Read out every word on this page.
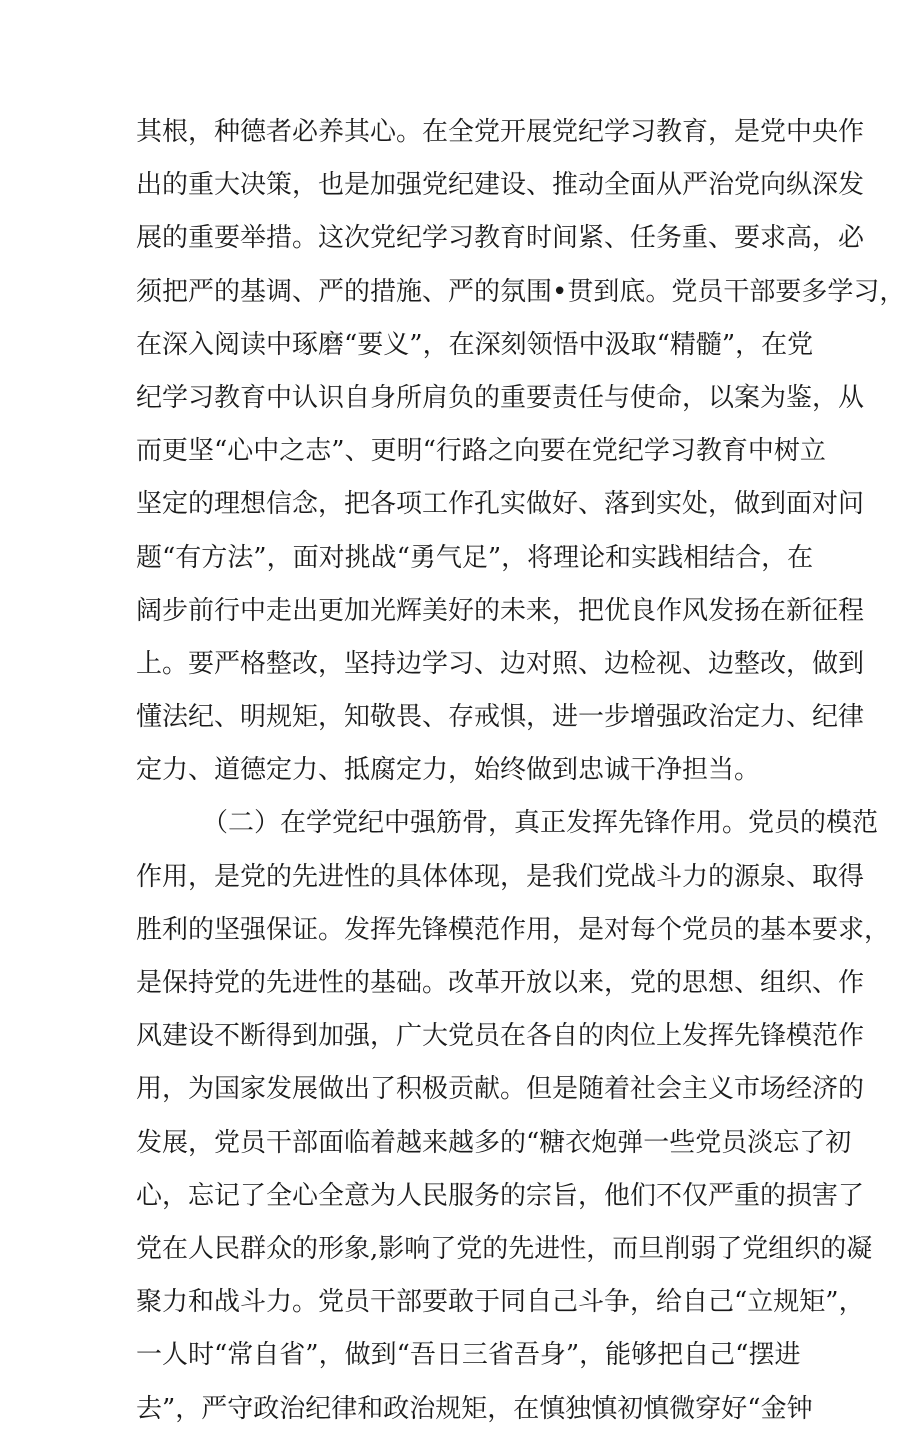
其根，种德者必养其心。在全党开展党纪学习教育，是党中央作
出的重大决策，也是加强党纪建设、推动全面从严治党向纵深发
展的重要举措。这次党纪学习教育时间紧、任务重、要求高，必
须把严的基调、严的措施、严的氛围•贯到底。党员干部要多学习，
在深入阅读中琢磨“要义”，在深刻领悟中汲取“精髓”，在党
纪学习教育中认识自身所肩负的重要责任与使命，以案为鉴，从
而更坚“心中之志”、更明“行路之向要在党纪学习教育中树立
坚定的理想信念，把各项工作孔实做好、落到实处，做到面对问
题“有方法”，面对挑战“勇气足”，将理论和实践相结合，在
阔步前行中走出更加光辉美好的未来，把优良作风发扬在新征程
上。要严格整改，坚持边学习、边对照、边检视、边整改，做到
懂法纪、明规矩，知敬畏、存戒惧，进一步增强政治定力、纪律
定力、道德定力、抵腐定力，始终做到忠诚干净担当。
（二）在学党纪中强筋骨，真正发挥先锋作用。党员的模范
作用，是党的先进性的具体体现，是我们党战斗力的源泉、取得
胜利的坚强保证。发挥先锋模范作用，是对每个党员的基本要求，
是保持党的先进性的基础。改革开放以来，党的思想、组织、作
风建设不断得到加强，广大党员在各自的肉位上发挥先锋模范作
用，为国家发展做出了积极贡献。但是随着社会主义市场经济的
发展，党员干部面临着越来越多的“糖衣炮弹一些党员淡忘了初
心，忘记了全心全意为人民服务的宗旨，他们不仅严重的损害了
党在人民群众的形象,影响了党的先进性，而旦削弱了党组织的凝
聚力和战斗力。党员干部要敢于同自己斗争，给自己“立规矩”，
一人时“常自省”，做到“吾日三省吾身”，能够把自己“摆进
去”，严守政治纪律和政治规矩，在慎独慎初慎微穿好“金钟
